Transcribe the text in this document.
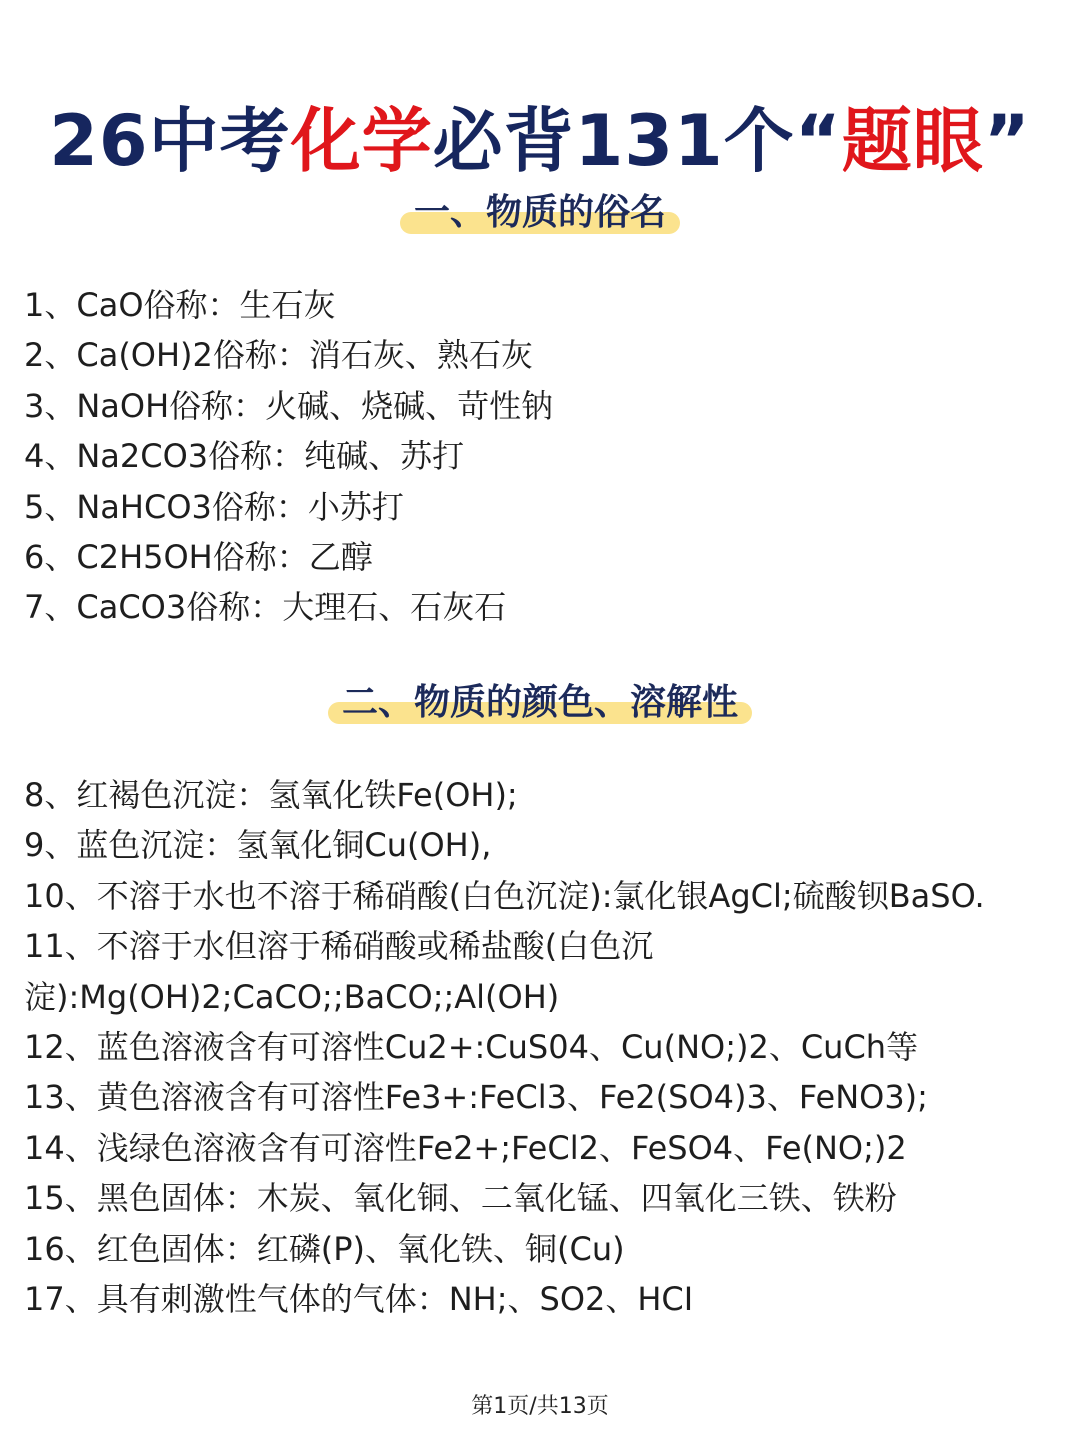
26中考化学必背131个“题眼”
一、物质的俗名
1、CaO俗称：生石灰
2、Ca(OH)2俗称：消石灰、熟石灰
3、NaOH俗称：火碱、烧碱、苛性钠
4、Na2CO3俗称：纯碱、苏打
5、NaHCO3俗称：小苏打
6、C2H5OH俗称：乙醇
7、CaCO3俗称：大理石、石灰石
二、物质的颜色、溶解性
8、红褐色沉淀：氢氧化铁Fe(OH);
9、蓝色沉淀：氢氧化铜Cu(OH),
10、不溶于水也不溶于稀硝酸(白色沉淀):氯化银AgCl;硫酸钡BaSO.
11、不溶于水但溶于稀硝酸或稀盐酸(白色沉淀):Mg(OH)2;CaCO;;BaCO;;Al(OH)
12、蓝色溶液含有可溶性Cu2+:CuS04、Cu(NO;)2、CuCh等
13、黄色溶液含有可溶性Fe3+:FeCl3、Fe2(SO4)3、FeNO3);
14、浅绿色溶液含有可溶性Fe2+;FeCl2、FeSO4、Fe(NO;)2
15、黑色固体：木炭、氧化铜、二氧化锰、四氧化三铁、铁粉
16、红色固体：红磷(P)、氧化铁、铜(Cu)
17、具有刺激性气体的气体：NH;、SO2、HCI
第1页/共13页
